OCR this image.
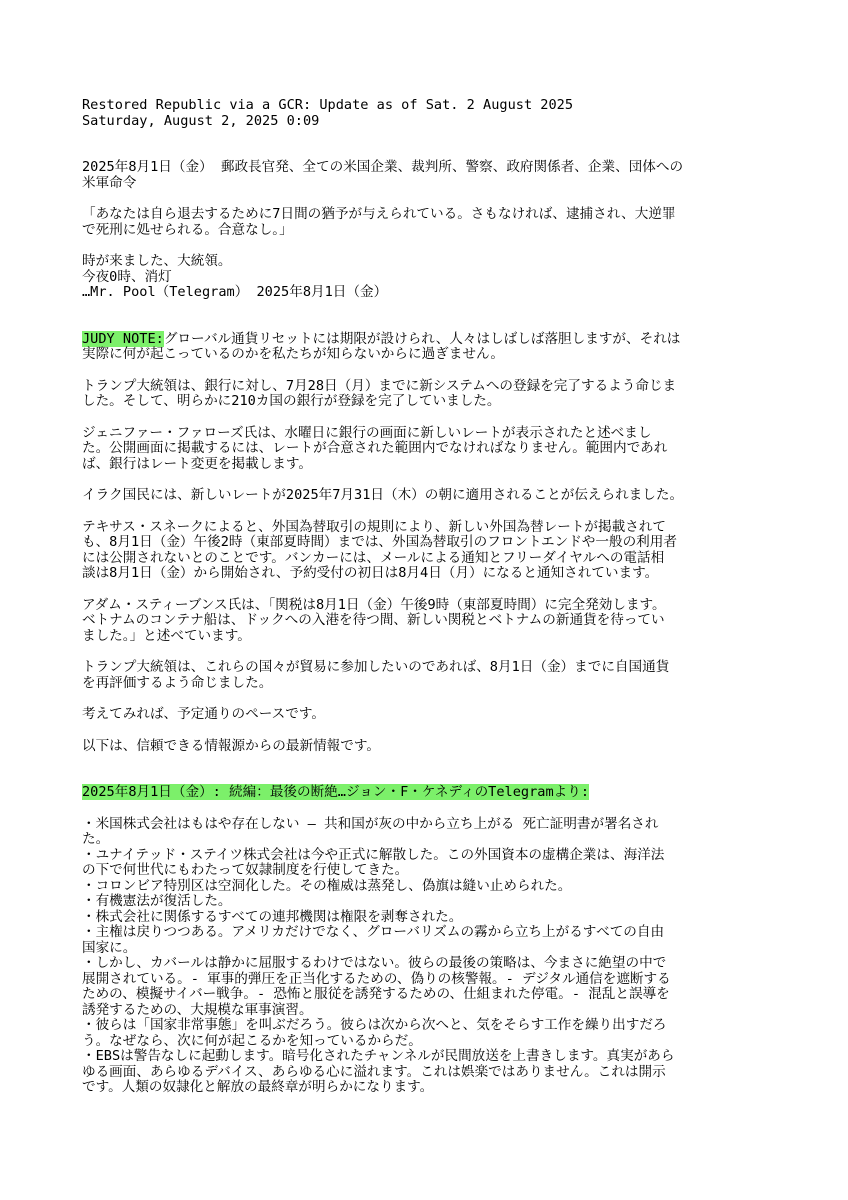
Restored Republic via a GCR: Update as of Sat. 2 August 2025

Saturday, August 2, 2025 0:09

2025年8月1日（金） 郵政長官発、全ての米国企業、裁判所、警察、政府関係者、企業、団体への
米軍命令

「あなたは自ら退去するために7日間の猶予が与えられている。さもなければ、逮捕され、大逆罪
で死刑に処せられる。合意なし。」

時が来ました、大統領。
今夜0時、消灯
…Mr. Pool（Telegram） 2025年8月1日（金）

JUDY NOTE:グローバル通貨リセットには期限が設けられ、人々はしばしば落胆しますが、それは
実際に何が起こっているのかを私たちが知らないからに過ぎません。

トランプ大統領は、銀行に対し、7月28日（月）までに新システムへの登録を完了するよう命じま
した。そして、明らかに210カ国の銀行が登録を完了していました。

ジェニファー・ファローズ氏は、水曜日に銀行の画面に新しいレートが表示されたと述べまし
た。公開画面に掲載するには、レートが合意された範囲内でなければなりません。範囲内であれ
ば、銀行はレート変更を掲載します。

イラク国民には、新しいレートが2025年7月31日（木）の朝に適用されることが伝えられました。

テキサス・スネークによると、外国為替取引の規則により、新しい外国為替レートが掲載されて
も、8月1日（金）午後2時（東部夏時間）までは、外国為替取引のフロントエンドや一般の利用者
には公開されないとのことです。バンカーには、メールによる通知とフリーダイヤルへの電話相
談は8月1日（金）から開始され、予約受付の初日は8月4日（月）になると通知されています。

アダム・スティーブンス氏は、「関税は8月1日（金）午後9時（東部夏時間）に完全発効します。
ベトナムのコンテナ船は、ドックへの入港を待つ間、新しい関税とベトナムの新通貨を待ってい
ました。」と述べています。

トランプ大統領は、これらの国々が貿易に参加したいのであれば、8月1日（金）までに自国通貨
を再評価するよう命じました。

考えてみれば、予定通りのペースです。

以下は、信頼できる情報源からの最新情報です。

2025年8月1日（金）: 続編：最後の断絶…ジョン・F・ケネディのTelegramより:

・米国株式会社はもはや存在しない ― 共和国が灰の中から立ち上がる 死亡証明書が署名され
た。

・ユナイテッド・ステイツ株式会社は今や正式に解散した。この外国資本の虚構企業は、海洋法
の下で何世代にもわたって奴隷制度を行使してきた。

・コロンビア特別区は空洞化した。その権威は蒸発し、偽旗は縫い止められた。

・有機憲法が復活した。

・株式会社に関係するすべての連邦機関は権限を剥奪された。

・主権は戻りつつある。アメリカだけでなく、グローバリズムの霧から立ち上がるすべての自由
国家に。

・しかし、カバールは静かに屈服するわけではない。彼らの最後の策略は、今まさに絶望の中で
展開されている。- 軍事的弾圧を正当化するための、偽りの核警報。- デジタル通信を遮断する
ための、模擬サイバー戦争。- 恐怖と服従を誘発するための、仕組まれた停電。- 混乱と誤導を
誘発するための、大規模な軍事演習。

・彼らは「国家非常事態」を叫ぶだろう。彼らは次から次へと、気をそらす工作を繰り出すだろ
う。なぜなら、次に何が起こるかを知っているからだ。

・EBSは警告なしに起動します。暗号化されたチャンネルが民間放送を上書きします。真実があら
ゆる画面、あらゆるデバイス、あらゆる心に溢れます。これは娯楽ではありません。これは開示
です。人類の奴隷化と解放の最終章が明らかになります。
